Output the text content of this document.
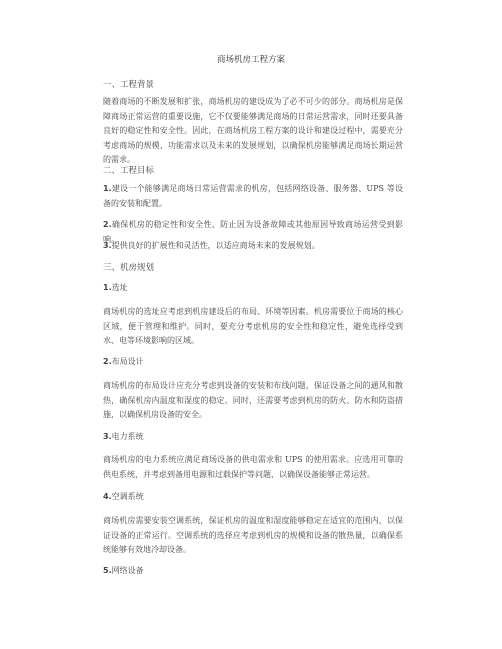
商场机房工程方案
一、工程背景

随着商场的不断发展和扩张，商场机房的建设成为了必不可少的部分。商场机房是保障商场正常运营的重要设施，它不仅要能够满足商场的日常运营需求，同时还要具备良好的稳定性和安全性。因此，在商场机房工程方案的设计和建设过程中，需要充分考虑商场的规模、功能需求以及未来的发展规划，以确保机房能够满足商场长期运营的需求。

二、工程目标

1.建设一个能够满足商场日常运营需求的机房，包括网络设备、服务器、UPS 等设备的安装和配置。

2.确保机房的稳定性和安全性，防止因为设备故障或其他原因导致商场运营受到影响。

3.提供良好的扩展性和灵活性，以适应商场未来的发展规划。

三、机房规划

1.选址

商场机房的选址应考虑到机房建设后的布局、环境等因素。机房需要位于商场的核心区域，便于管理和维护。同时，要充分考虑机房的安全性和稳定性，避免选择受到水、电等环境影响的区域。

2.布局设计

商场机房的布局设计应充分考虑到设备的安装和布线问题，保证设备之间的通风和散热，确保机房内温度和湿度的稳定。同时，还需要考虑到机房的防火、防水和防盗措施，以确保机房设备的安全。

3.电力系统

商场机房的电力系统应满足商场设备的供电需求和 UPS 的使用需求。应选用可靠的供电系统，并考虑到备用电源和过载保护等问题，以确保设备能够正常运营。

4.空调系统

商场机房需要安装空调系统，保证机房的温度和湿度能够稳定在适宜的范围内，以保证设备的正常运行。空调系统的选择应考虑到机房的规模和设备的散热量，以确保系统能够有效地冷却设备。

5.网络设备
